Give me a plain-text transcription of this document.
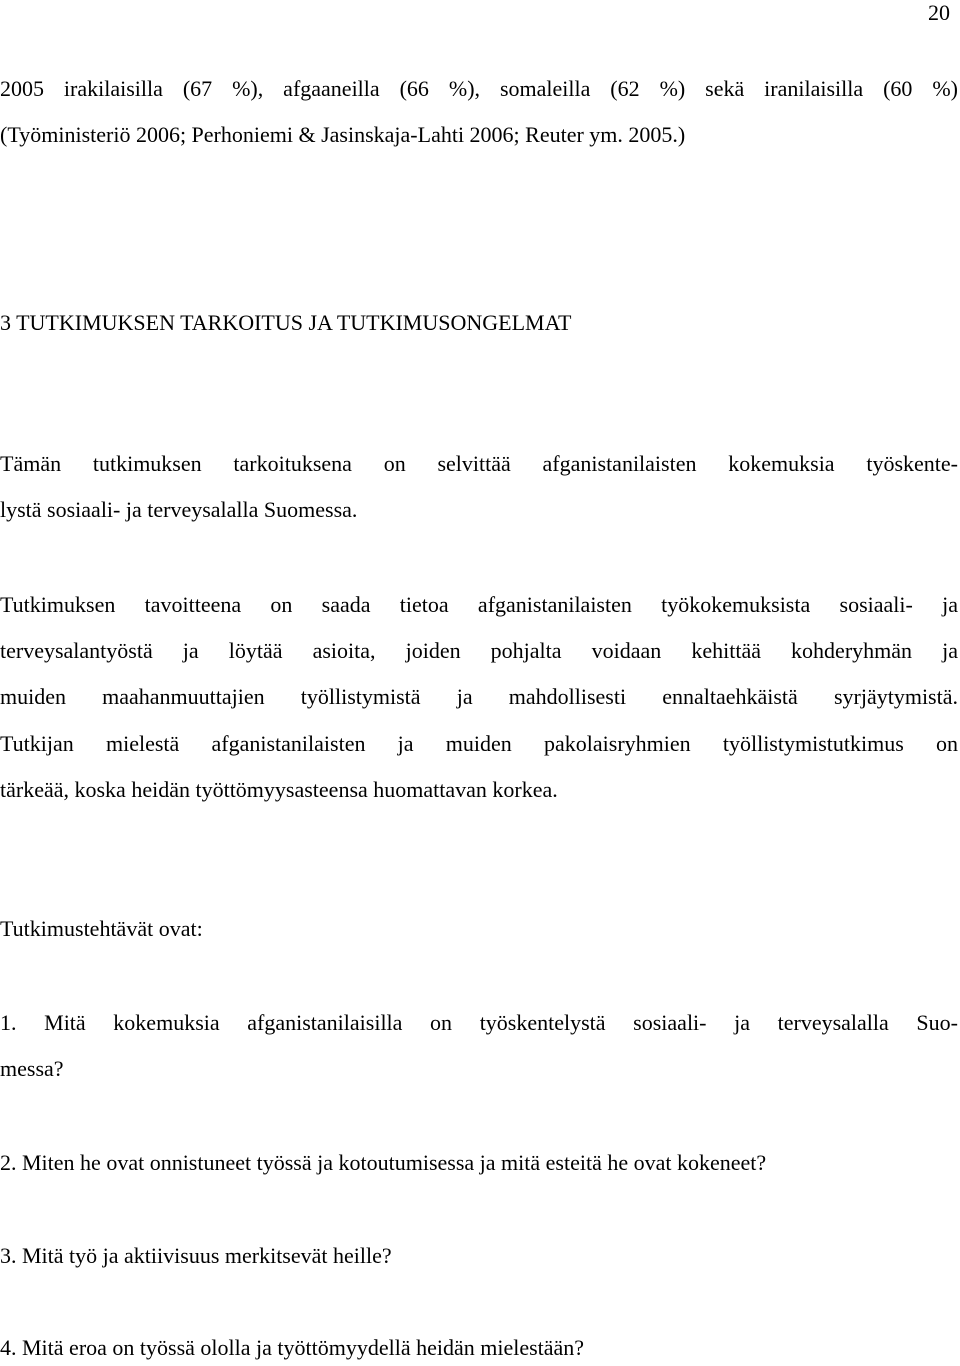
20
2005 irakilaisilla (67 %), afgaaneilla (66 %), somaleilla (62 %) sekä iranilaisilla (60 %)
(Työministeriö 2006; Perhoniemi & Jasinskaja-Lahti 2006; Reuter ym. 2005.)
3 TUTKIMUKSEN TARKOITUS JA TUTKIMUSONGELMAT
Tämän tutkimuksen tarkoituksena on selvittää afganistanilaisten kokemuksia työskente-
lystä sosiaali- ja terveysalalla Suomessa.
Tutkimuksen tavoitteena on saada tietoa afganistanilaisten työkokemuksista sosiaali- ja
terveysalantyöstä ja löytää asioita, joiden pohjalta voidaan kehittää kohderyhmän ja
muiden maahanmuuttajien työllistymistä ja mahdollisesti ennaltaehkäistä syrjäytymistä.
Tutkijan mielestä afganistanilaisten ja muiden pakolaisryhmien työllistymistutkimus on
tärkeää, koska heidän työttömyysasteensa huomattavan korkea.
Tutkimustehtävät ovat:
1. Mitä kokemuksia afganistanilaisilla on työskentelystä sosiaali- ja terveysalalla Suo-
messa?
2. Miten he ovat onnistuneet työssä ja kotoutumisessa ja mitä esteitä he ovat kokeneet?
3. Mitä työ ja aktiivisuus merkitsevät heille?
4. Mitä eroa on työssä ololla ja työttömyydellä heidän mielestään?
